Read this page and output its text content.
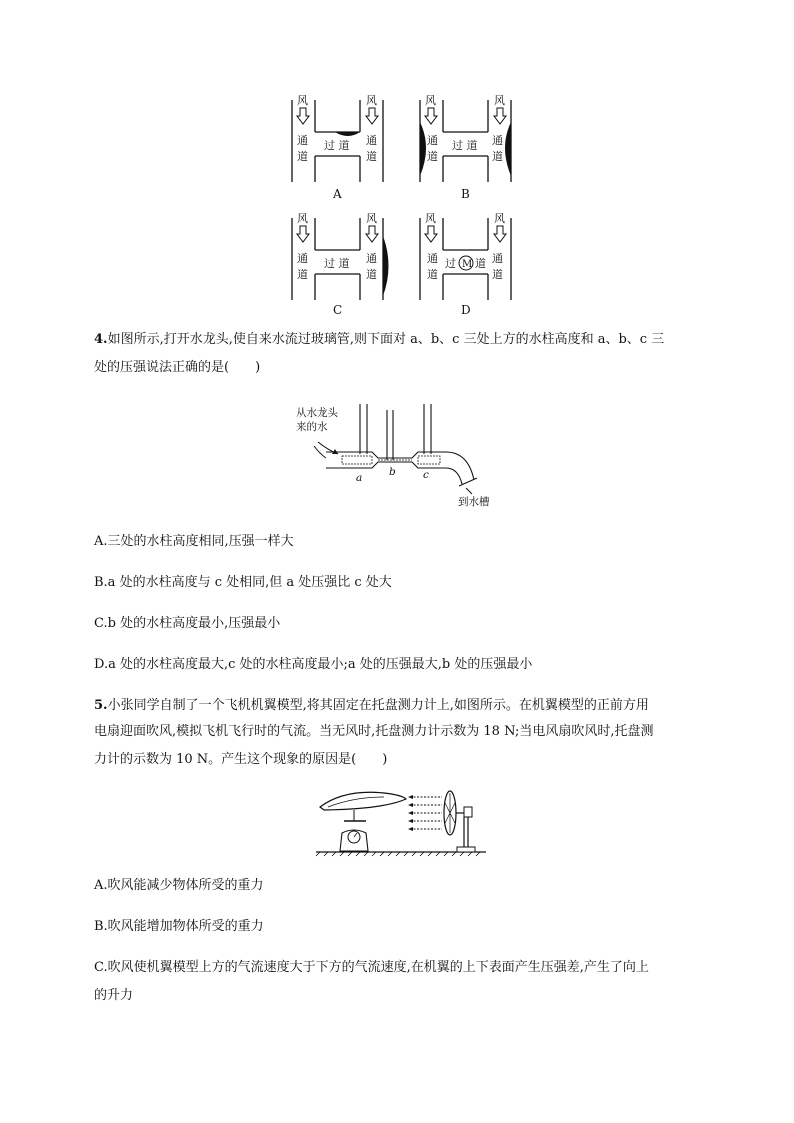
风	风
通
道
通
道
过 道
A
风	风
通
道
通
道
过 道
B
风	风
通
道
通
道
过 道
C
风	风
通
道
通
道
过 M 道
D
4.如图所示,打开水龙头,使自来水流过玻璃管,则下面对 a、b、c 三处上方的水柱高度和 a、b、c 三
处的压强说法正确的是(　　)
从水龙头
来的水
a	b	c
到水槽
A.三处的水柱高度相同,压强一样大
B.a 处的水柱高度与 c 处相同,但 a 处压强比 c 处大
C.b 处的水柱高度最小,压强最小
D.a 处的水柱高度最大,c 处的水柱高度最小;a 处的压强最大,b 处的压强最小
5.小张同学自制了一个飞机机翼模型,将其固定在托盘测力计上,如图所示。在机翼模型的正前方用
电扇迎面吹风,模拟飞机飞行时的气流。当无风时,托盘测力计示数为 18 N;当电风扇吹风时,托盘测
力计的示数为 10 N。产生这个现象的原因是(　　)
A.吹风能减少物体所受的重力
B.吹风能增加物体所受的重力
C.吹风使机翼模型上方的气流速度大于下方的气流速度,在机翼的上下表面产生压强差,产生了向上
的升力
